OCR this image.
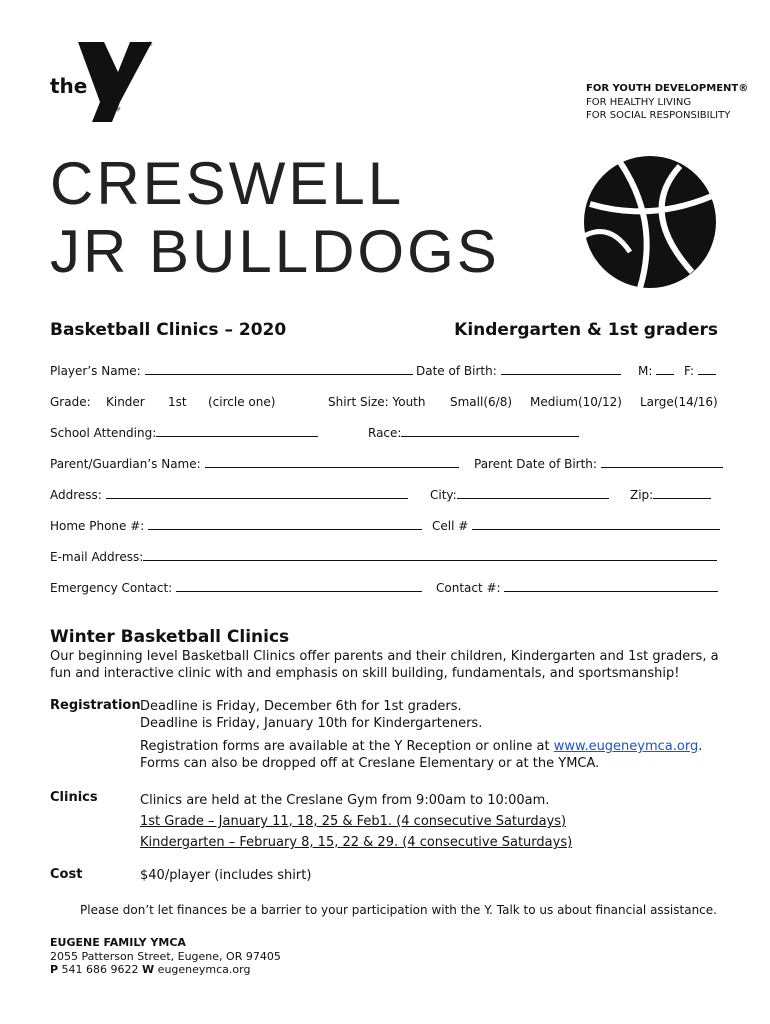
®
the
YMCA
FOR YOUTH DEVELOPMENT®
FOR HEALTHY LIVING
FOR SOCIAL RESPONSIBILITY
CRESWELL
JR BULLDOGS
Basketball Clinics – 2020	Kindergarten & 1st graders
Player’s Name:	Date of Birth:	M:	F:
Grade: Kinder 1st (circle one)	Shirt Size: Youth Small(6/8) Medium(10/12) Large(14/16)
School Attending:	Race:
Parent/Guardian’s Name:	Parent Date of Birth:
Address:	City:	Zip:
Home Phone #:	Cell #
E-mail Address:
Emergency Contact:	Contact #:
Winter Basketball Clinics
Our beginning level Basketball Clinics offer parents and their children, Kindergarten and 1st graders, a fun and interactive clinic with and emphasis on skill building, fundamentals, and sportsmanship!
Registration Deadline is Friday, December 6th for 1st graders.
Deadline is Friday, January 10th for Kindergarteners.
Registration forms are available at the Y Reception or online at www.eugeneymca.org.
Forms can also be dropped off at Creslane Elementary or at the YMCA.
Clinics	Clinics are held at the Creslane Gym from 9:00am to 10:00am.
1st Grade – January 11, 18, 25 & Feb1. (4 consecutive Saturdays)
Kindergarten – February 8, 15, 22 & 29. (4 consecutive Saturdays)
Cost	$40/player (includes shirt)
Please don’t let finances be a barrier to your participation with the Y. Talk to us about financial assistance.
EUGENE FAMILY YMCA
2055 Patterson Street, Eugene, OR 97405
P 541 686 9622 W eugeneymca.org
